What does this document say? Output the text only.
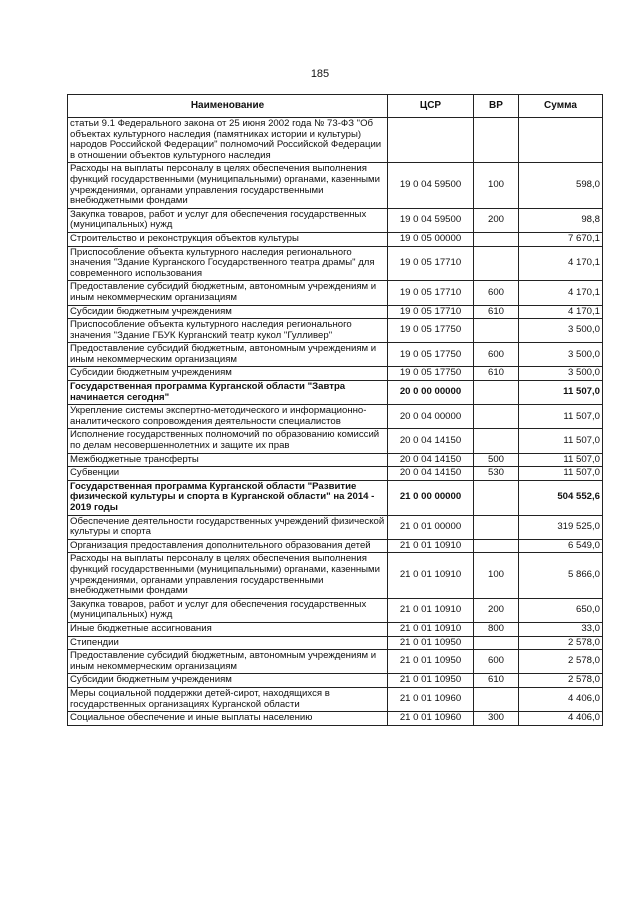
185
Наименование	ЦСР	ВР	Сумма
статьи 9.1 Федерального закона от 25 июня 2002 года № 73-ФЗ "Об объектах культурного наследия (памятниках истории и культуры) народов Российской Федерации" полномочий Российской Федерации в отношении объектов культурного наследия			
Расходы на выплаты персоналу в целях обеспечения выполнения функций государственными (муниципальными) органами, казенными учреждениями, органами управления государственными внебюджетными фондами	19 0 04 59500	100	598,0
Закупка товаров, работ и услуг для обеспечения государственных (муниципальных) нужд	19 0 04 59500	200	98,8
Строительство и реконструкция объектов культуры	19 0 05 00000		7 670,1
Приспособление объекта культурного наследия регионального значения "Здание Курганского Государственного театра драмы" для современного использования	19 0 05 17710		4 170,1
Предоставление субсидий бюджетным, автономным учреждениям и иным некоммерческим организациям	19 0 05 17710	600	4 170,1
Субсидии бюджетным учреждениям	19 0 05 17710	610	4 170,1
Приспособление объекта культурного наследия регионального значения "Здание ГБУК Курганский театр кукол "Гулливер"	19 0 05 17750		3 500,0
Предоставление субсидий бюджетным, автономным учреждениям и иным некоммерческим организациям	19 0 05 17750	600	3 500,0
Субсидии бюджетным учреждениям	19 0 05 17750	610	3 500,0
Государственная программа Курганской области "Завтра начинается сегодня"	20 0 00 00000		11 507,0
Укрепление системы экспертно-методического и информационно-аналитического сопровождения деятельности специалистов	20 0 04 00000		11 507,0
Исполнение государственных полномочий по образованию комиссий по делам несовершеннолетних и защите их прав	20 0 04 14150		11 507,0
Межбюджетные трансферты	20 0 04 14150	500	11 507,0
Субвенции	20 0 04 14150	530	11 507,0
Государственная программа Курганской области "Развитие физической культуры и спорта в Курганской области" на 2014 - 2019 годы	21 0 00 00000		504 552,6
Обеспечение деятельности государственных учреждений физической культуры и спорта	21 0 01 00000		319 525,0
Организация предоставления дополнительного образования детей	21 0 01 10910		6 549,0
Расходы на выплаты персоналу в целях обеспечения выполнения функций государственными (муниципальными) органами, казенными учреждениями, органами управления государственными внебюджетными фондами	21 0 01 10910	100	5 866,0
Закупка товаров, работ и услуг для обеспечения государственных (муниципальных) нужд	21 0 01 10910	200	650,0
Иные бюджетные ассигнования	21 0 01 10910	800	33,0
Стипендии	21 0 01 10950		2 578,0
Предоставление субсидий бюджетным, автономным учреждениям и иным некоммерческим организациям	21 0 01 10950	600	2 578,0
Субсидии бюджетным учреждениям	21 0 01 10950	610	2 578,0
Меры социальной поддержки детей-сирот, находящихся в государственных организациях Курганской области	21 0 01 10960		4 406,0
Социальное обеспечение и иные выплаты населению	21 0 01 10960	300	4 406,0
